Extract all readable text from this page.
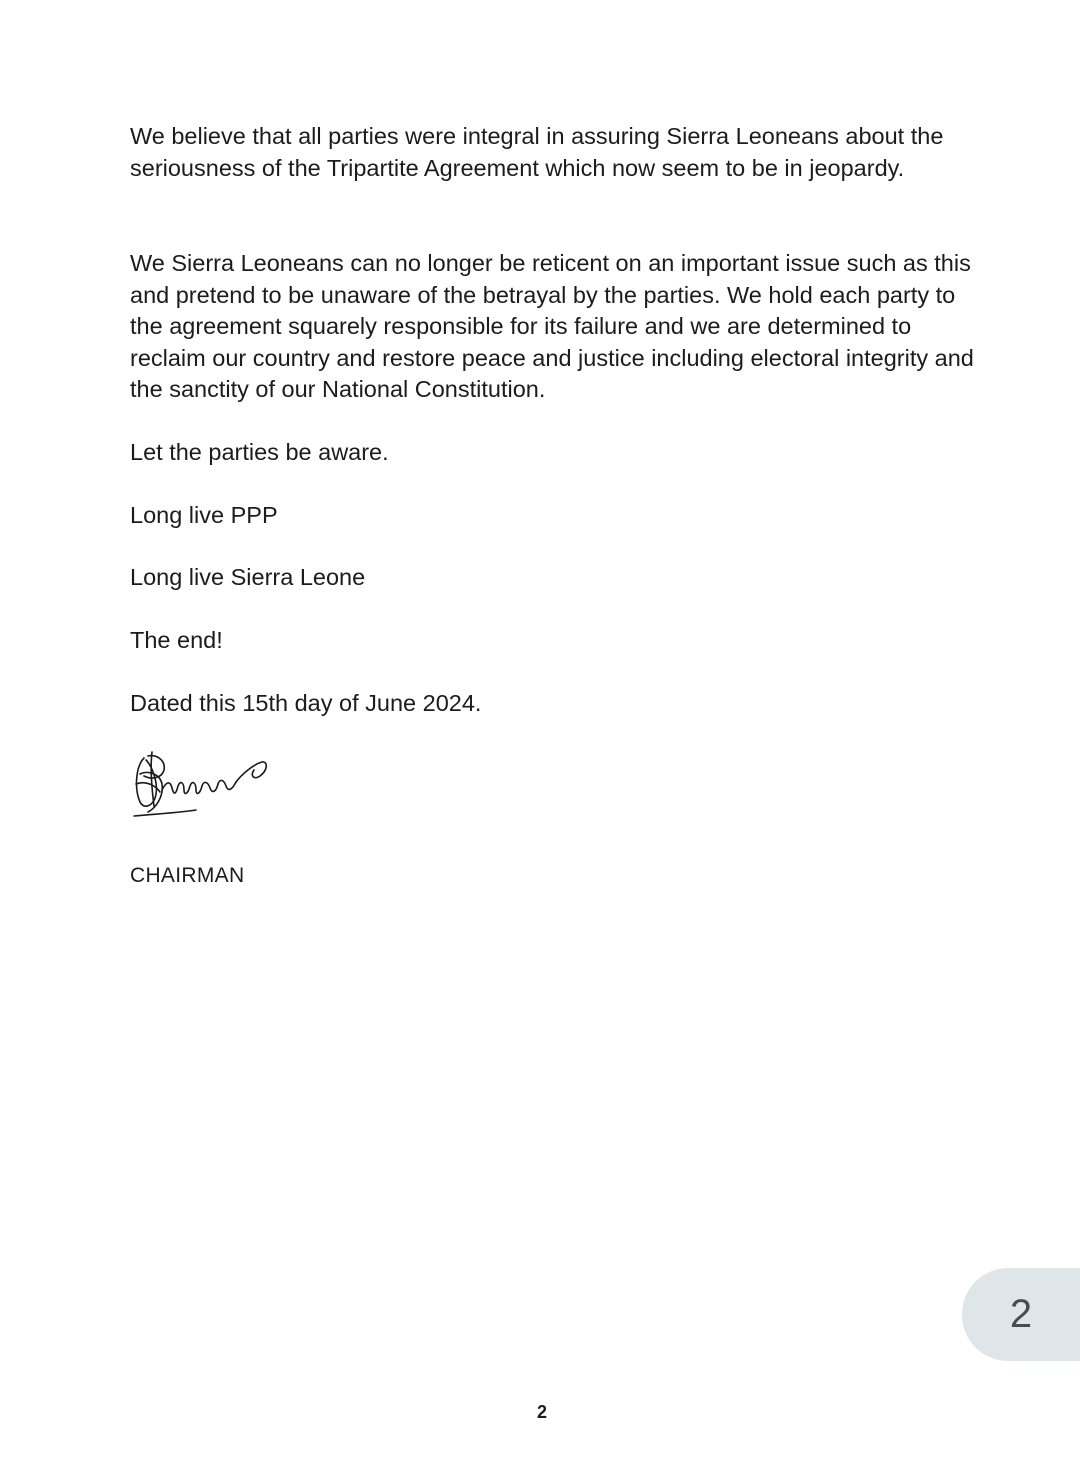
We believe that all parties were integral in assuring Sierra Leoneans about the seriousness of the Tripartite Agreement which now seem to be in jeopardy.

We Sierra Leoneans can no longer be reticent on an important issue such as this and pretend to be unaware of the betrayal by the parties. We hold each party to the agreement squarely responsible for its failure and we are determined to reclaim our country and restore peace and justice including electoral integrity and the sanctity of our National Constitution.

Let the parties be aware.

Long live PPP

Long live Sierra Leone

The end!

Dated this 15th day of June 2024.

CHAIRMAN

2
2
